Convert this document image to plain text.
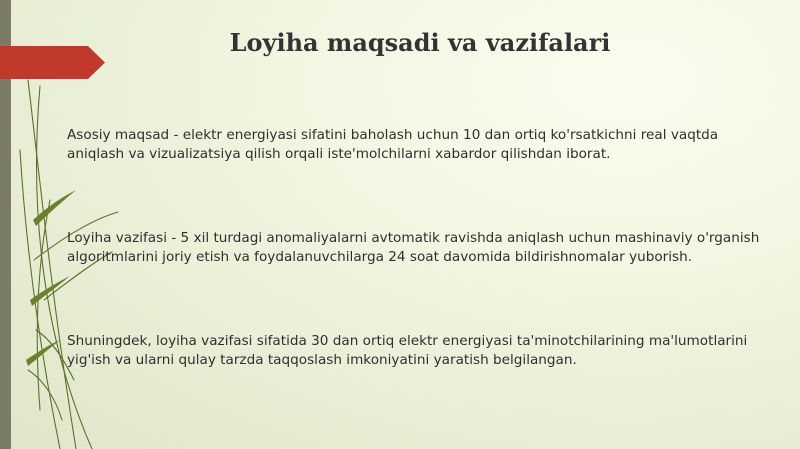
Loyiha maqsadi va vazifalari

Asosiy maqsad - elektr energiyasi sifatini baholash uchun 10 dan ortiq ko'rsatkichni real vaqtda aniqlash va vizualizatsiya qilish orqali iste'molchilarni xabardor qilishdan iborat.

Loyiha vazifasi - 5 xil turdagi anomaliyalarni avtomatik ravishda aniqlash uchun mashinaviy o'rganish algoritmlarini joriy etish va foydalanuvchilarga 24 soat davomida bildirishnomalar yuborish.

Shuningdek, loyiha vazifasi sifatida 30 dan ortiq elektr energiyasi ta'minotchilarining ma'lumotlarini yig'ish va ularni qulay tarzda taqqoslash imkoniyatini yaratish belgilangan.
